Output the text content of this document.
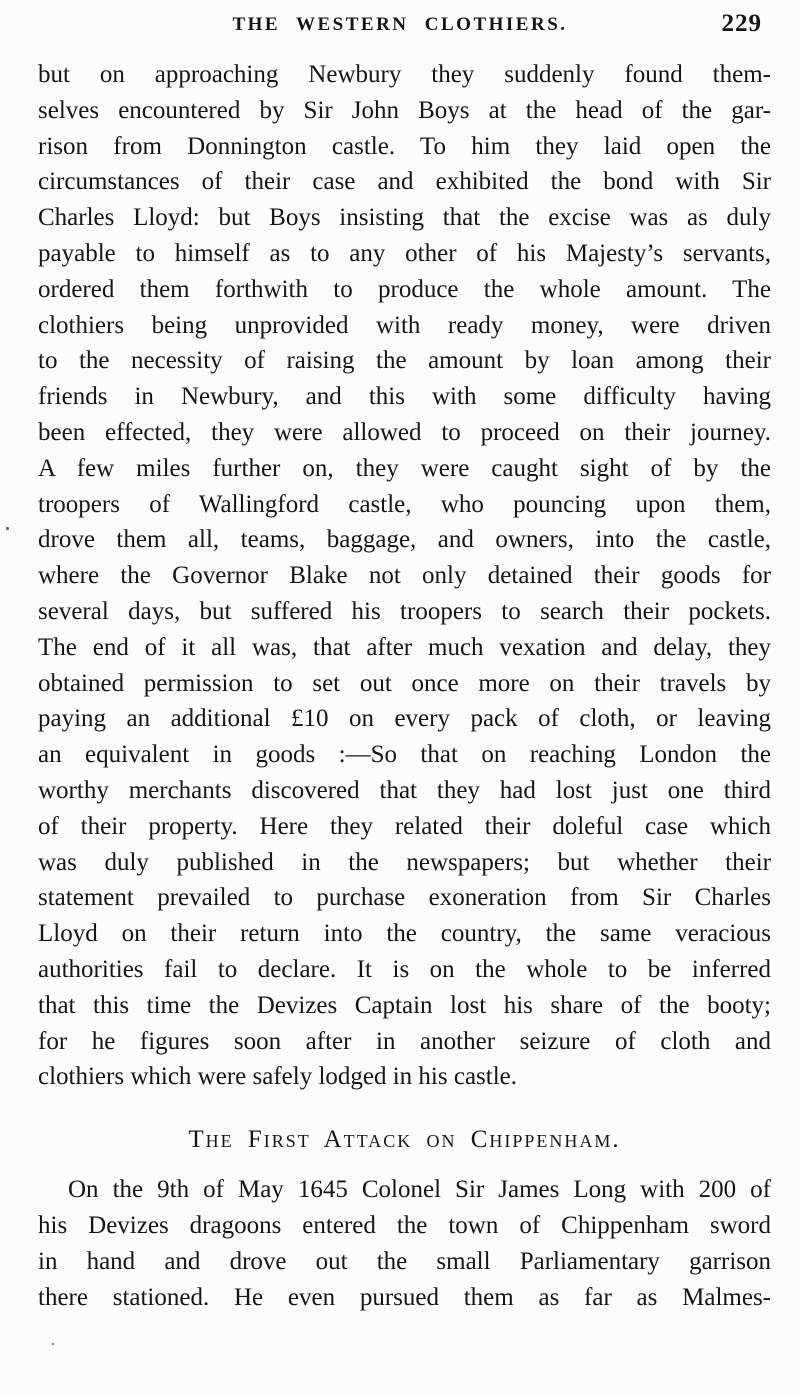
THE WESTERN CLOTHIERS.	229
but on approaching Newbury they suddenly found them-
selves encountered by Sir John Boys at the head of the gar-
rison from Donnington castle. To him they laid open the
circumstances of their case and exhibited the bond with Sir
Charles Lloyd: but Boys insisting that the excise was as duly
payable to himself as to any other of his Majesty’s servants,
ordered them forthwith to produce the whole amount. The
clothiers being unprovided with ready money, were driven
to the necessity of raising the amount by loan among their
friends in Newbury, and this with some difficulty having
been effected, they were allowed to proceed on their journey.
A few miles further on, they were caught sight of by the
troopers of Wallingford castle, who pouncing upon them,
drove them all, teams, baggage, and owners, into the castle,
where the Governor Blake not only detained their goods for
several days, but suffered his troopers to search their pockets.
The end of it all was, that after much vexation and delay, they
obtained permission to set out once more on their travels by
paying an additional £10 on every pack of cloth, or leaving
an equivalent in goods :—So that on reaching London the
worthy merchants discovered that they had lost just one third
of their property. Here they related their doleful case which
was duly published in the newspapers; but whether their
statement prevailed to purchase exoneration from Sir Charles
Lloyd on their return into the country, the same veracious
authorities fail to declare. It is on the whole to be inferred
that this time the Devizes Captain lost his share of the booty;
for he figures soon after in another seizure of cloth and
clothiers which were safely lodged in his castle.
The First Attack on Chippenham.
On the 9th of May 1645 Colonel Sir James Long with 200 of
his Devizes dragoons entered the town of Chippenham sword
in hand and drove out the small Parliamentary garrison
there stationed. He even pursued them as far as Malmes-
